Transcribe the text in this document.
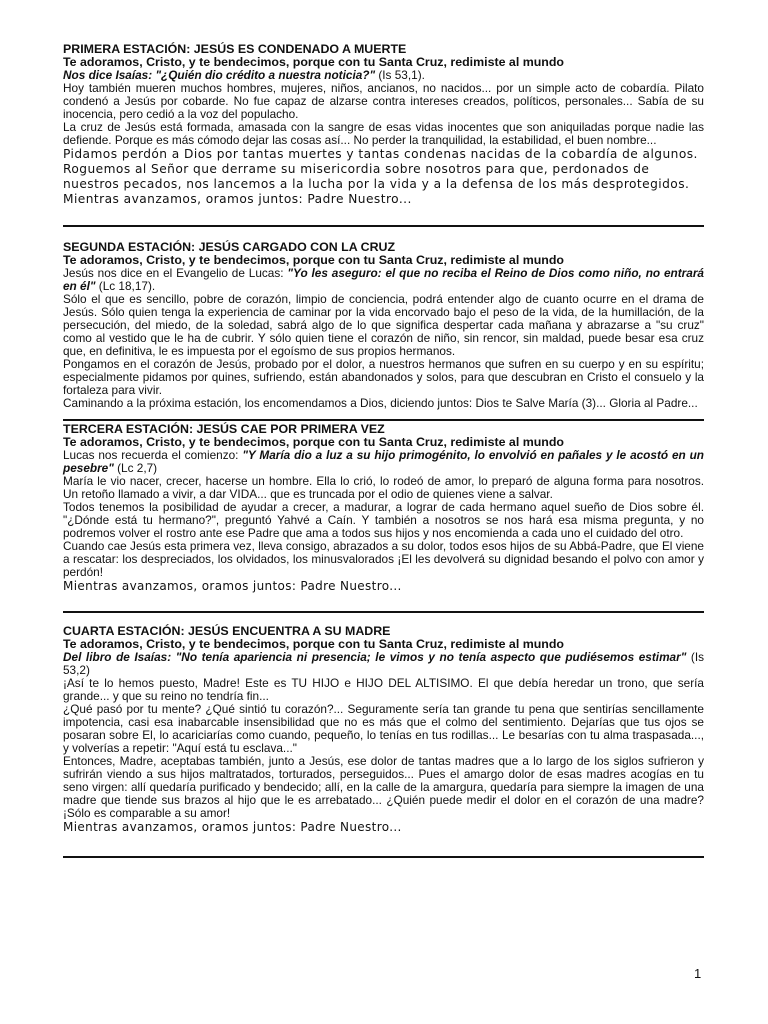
PRIMERA ESTACIÓN: JESÚS ES CONDENADO A MUERTE

Te adoramos, Cristo, y te bendecimos, porque con tu Santa Cruz, redimiste al mundo

Nos dice Isaías: "¿Quién dio crédito a nuestra noticia?" (Is 53,1).

Hoy también mueren muchos hombres, mujeres, niños, ancianos, no nacidos... por un simple acto de cobardía. Pilato condenó a Jesús por cobarde. No fue capaz de alzarse contra intereses creados, políticos, personales... Sabía de su inocencia, pero cedió a la voz del populacho.

La cruz de Jesús está formada, amasada con la sangre de esas vidas inocentes que son aniquiladas porque nadie las defiende. Porque es más cómodo dejar las cosas así... No perder la tranquilidad, la estabilidad, el buen nombre...

Pidamos perdón a Dios por tantas muertes y tantas condenas nacidas de la cobardía de algunos. Roguemos al Señor que derrame su misericordia sobre nosotros para que, perdonados de nuestros pecados, nos lancemos a la lucha por la vida y a la defensa de los más desprotegidos.

Mientras avanzamos, oramos juntos: Padre Nuestro...

SEGUNDA ESTACIÓN: JESÚS CARGADO CON LA CRUZ

Te adoramos, Cristo, y te bendecimos, porque con tu Santa Cruz, redimiste al mundo

Jesús nos dice en el Evangelio de Lucas: "Yo les aseguro: el que no reciba el Reino de Dios como niño, no entrará en él" (Lc 18,17).

Sólo el que es sencillo, pobre de corazón, limpio de conciencia, podrá entender algo de cuanto ocurre en el drama de Jesús. Sólo quien tenga la experiencia de caminar por la vida encorvado bajo el peso de la vida, de la humillación, de la persecución, del miedo, de la soledad, sabrá algo de lo que significa despertar cada mañana y abrazarse a "su cruz" como al vestido que le ha de cubrir. Y sólo quien tiene el corazón de niño, sin rencor, sin maldad, puede besar esa cruz que, en definitiva, le es impuesta por el egoísmo de sus propios hermanos.

Pongamos en el corazón de Jesús, probado por el dolor, a nuestros hermanos que sufren en su cuerpo y en su espíritu; especialmente pidamos por quines, sufriendo, están abandonados y solos, para que descubran en Cristo el consuelo y la fortaleza para vivir.

Caminando a la próxima estación, los encomendamos a Dios, diciendo juntos: Dios te Salve María (3)... Gloria al Padre...

TERCERA ESTACIÓN: JESÚS CAE POR PRIMERA VEZ

Te adoramos, Cristo, y te bendecimos, porque con tu Santa Cruz, redimiste al mundo

Lucas nos recuerda el comienzo: "Y María dio a luz a su hijo primogénito, lo envolvió en pañales y le acostó en un pesebre" (Lc 2,7)

María le vio nacer, crecer, hacerse un hombre. Ella lo crió, lo rodeó de amor, lo preparó de alguna forma para nosotros. Un retoño llamado a vivir, a dar VIDA... que es truncada por el odio de quienes viene a salvar.

Todos tenemos la posibilidad de ayudar a crecer, a madurar, a lograr de cada hermano aquel sueño de Dios sobre él. "¿Dónde está tu hermano?", preguntó Yahvé a Caín. Y también a nosotros se nos hará esa misma pregunta, y no podremos volver el rostro ante ese Padre que ama a todos sus hijos y nos encomienda a cada uno el cuidado del otro.

Cuando cae Jesús esta primera vez, lleva consigo, abrazados a su dolor, todos esos hijos de su Abbá-Padre, que El viene a rescatar: los despreciados, los olvidados, los minusvalorados ¡El les devolverá su dignidad besando el polvo con amor y perdón!

Mientras avanzamos, oramos juntos: Padre Nuestro...

CUARTA ESTACIÓN: JESÚS ENCUENTRA A SU MADRE

Te adoramos, Cristo, y te bendecimos, porque con tu Santa Cruz, redimiste al mundo

Del libro de Isaías: "No tenía apariencia ni presencia; le vimos y no tenía aspecto que pudiésemos estimar" (Is 53,2)

¡Así te lo hemos puesto, Madre! Este es TU HIJO e HIJO DEL ALTISIMO. El que debía heredar un trono, que sería grande... y que su reino no tendría fin...

¿Qué pasó por tu mente? ¿Qué sintió tu corazón?... Seguramente sería tan grande tu pena que sentirías sencillamente impotencia, casi esa inabarcable insensibilidad que no es más que el colmo del sentimiento. Dejarías que tus ojos se posaran sobre El, lo acariciarías como cuando, pequeño, lo tenías en tus rodillas... Le besarías con tu alma traspasada..., y volverías a repetir: "Aquí está tu esclava..."

Entonces, Madre, aceptabas también, junto a Jesús, ese dolor de tantas madres que a lo largo de los siglos sufrieron y sufrirán viendo a sus hijos maltratados, torturados, perseguidos... Pues el amargo dolor de esas madres acogías en tu seno virgen: allí quedaría purificado y bendecido; allí, en la calle de la amargura, quedaría para siempre la imagen de una madre que tiende sus brazos al hijo que le es arrebatado... ¿Quién puede medir el dolor en el corazón de una madre? ¡Sólo es comparable a su amor!

Mientras avanzamos, oramos juntos: Padre Nuestro...

1
